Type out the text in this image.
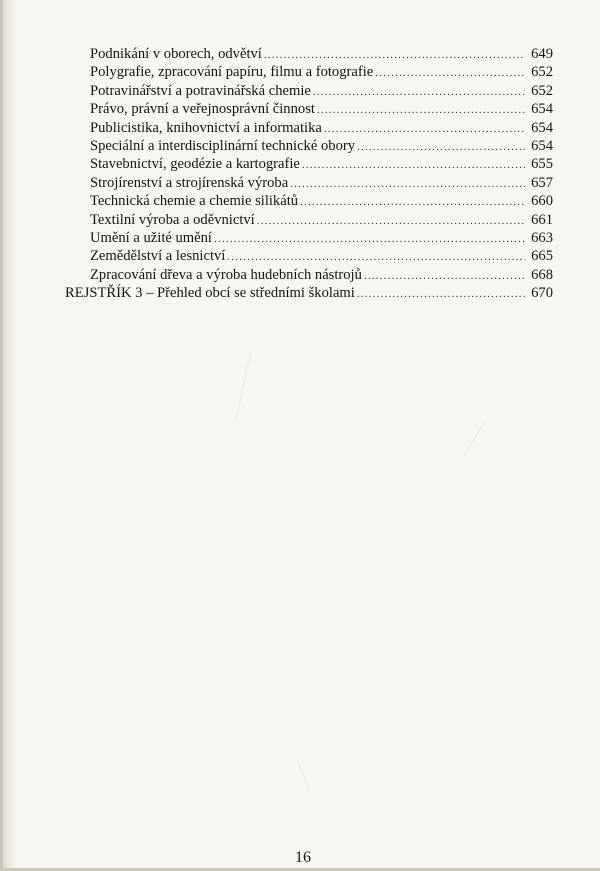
Podnikání v oborech, odvětví .....	649
Polygrafie, zpracování papíru, filmu a fotografie .....	652
Potravinářství a potravinářská chemie .....	652
Právo, právní a veřejnosprávní činnost .....	654
Publicistika, knihovnictví a informatika .....	654
Speciální a interdisciplinární technické obory .....	654
Stavebnictví, geodézie a kartografie .....	655
Strojírenství a strojírenská výroba .....	657
Technická chemie a chemie silikátů .....	660
Textilní výroba a oděvnictví .....	661
Umění a užité umění .....	663
Zemědělství a lesnictví .....	665
Zpracování dřeva a výroba hudebních nástrojů .....	668
REJSTŘÍK 3 – Přehled obcí se středními školami .....	670
16
